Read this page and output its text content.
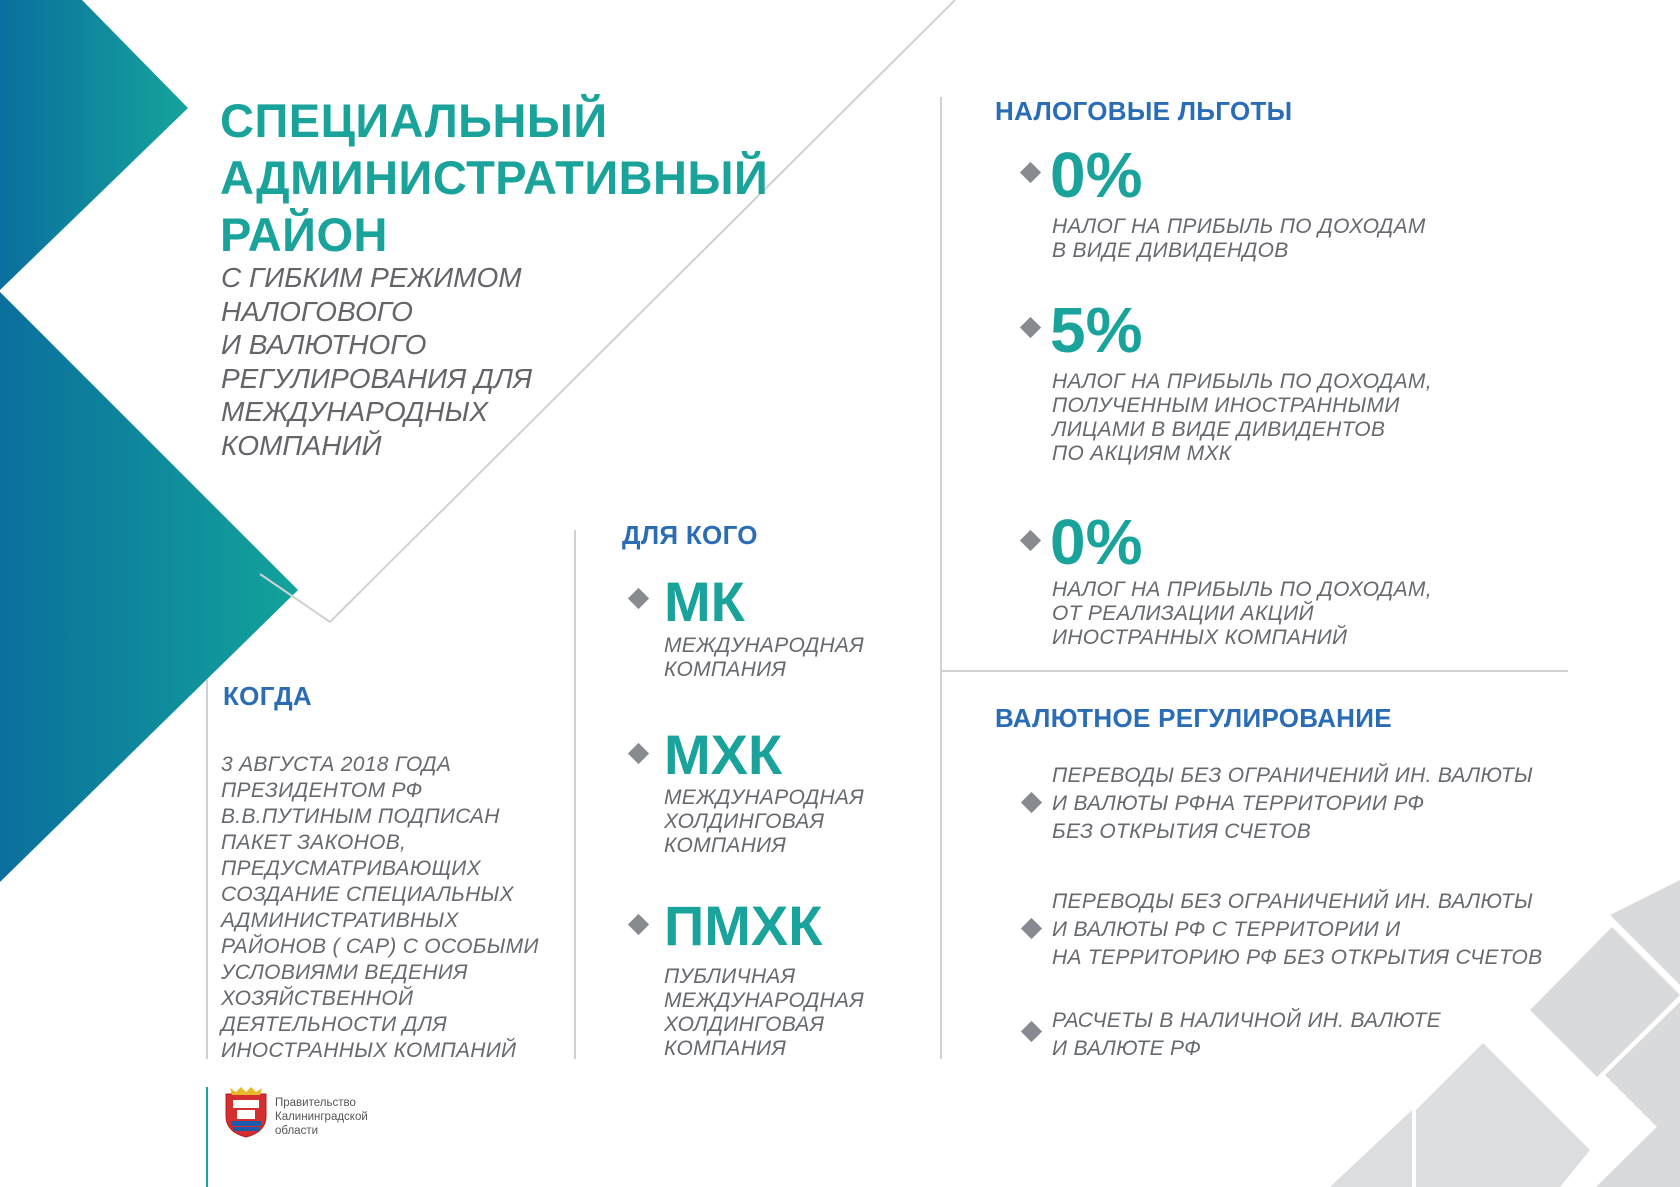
СПЕЦИАЛЬНЫЙ
АДМИНИСТРАТИВНЫЙ
РАЙОН
С ГИБКИМ РЕЖИМОМ
НАЛОГОВОГО
И ВАЛЮТНОГО
РЕГУЛИРОВАНИЯ ДЛЯ
МЕЖДУНАРОДНЫХ
КОМПАНИЙ
КОГДА
3 АВГУСТА 2018 ГОДА
ПРЕЗИДЕНТОМ РФ
В.В.ПУТИНЫМ ПОДПИСАН
ПАКЕТ ЗАКОНОВ,
ПРЕДУСМАТРИВАЮЩИХ
СОЗДАНИЕ СПЕЦИАЛЬНЫХ
АДМИНИСТРАТИВНЫХ
РАЙОНОВ ( САР) С ОСОБЫМИ
УСЛОВИЯМИ ВЕДЕНИЯ
ХОЗЯЙСТВЕННОЙ
ДЕЯТЕЛЬНОСТИ ДЛЯ
ИНОСТРАННЫХ КОМПАНИЙ
ДЛЯ КОГО
МК
МЕЖДУНАРОДНАЯ
КОМПАНИЯ
МХК
МЕЖДУНАРОДНАЯ
ХОЛДИНГОВАЯ
КОМПАНИЯ
ПМХК
ПУБЛИЧНАЯ
МЕЖДУНАРОДНАЯ
ХОЛДИНГОВАЯ
КОМПАНИЯ
НАЛОГОВЫЕ ЛЬГОТЫ
0%
НАЛОГ НА ПРИБЫЛЬ ПО ДОХОДАМ
В ВИДЕ ДИВИДЕНДОВ
5%
НАЛОГ НА ПРИБЫЛЬ ПО ДОХОДАМ,
ПОЛУЧЕННЫМ ИНОСТРАННЫМИ
ЛИЦАМИ В ВИДЕ ДИВИДЕНТОВ
ПО АКЦИЯМ МХК
0%
НАЛОГ НА ПРИБЫЛЬ ПО ДОХОДАМ,
ОТ РЕАЛИЗАЦИИ АКЦИЙ
ИНОСТРАННЫХ КОМПАНИЙ
ВАЛЮТНОЕ РЕГУЛИРОВАНИЕ
ПЕРЕВОДЫ БЕЗ ОГРАНИЧЕНИЙ ИН. ВАЛЮТЫ
И ВАЛЮТЫ РФНА ТЕРРИТОРИИ РФ
БЕЗ ОТКРЫТИЯ СЧЕТОВ
ПЕРЕВОДЫ БЕЗ ОГРАНИЧЕНИЙ ИН. ВАЛЮТЫ
И ВАЛЮТЫ РФ С ТЕРРИТОРИИ И
НА ТЕРРИТОРИЮ РФ БЕЗ ОТКРЫТИЯ СЧЕТОВ
РАСЧЕТЫ В НАЛИЧНОЙ ИН. ВАЛЮТЕ
И ВАЛЮТЕ РФ
Правительство
Калининградской
области
